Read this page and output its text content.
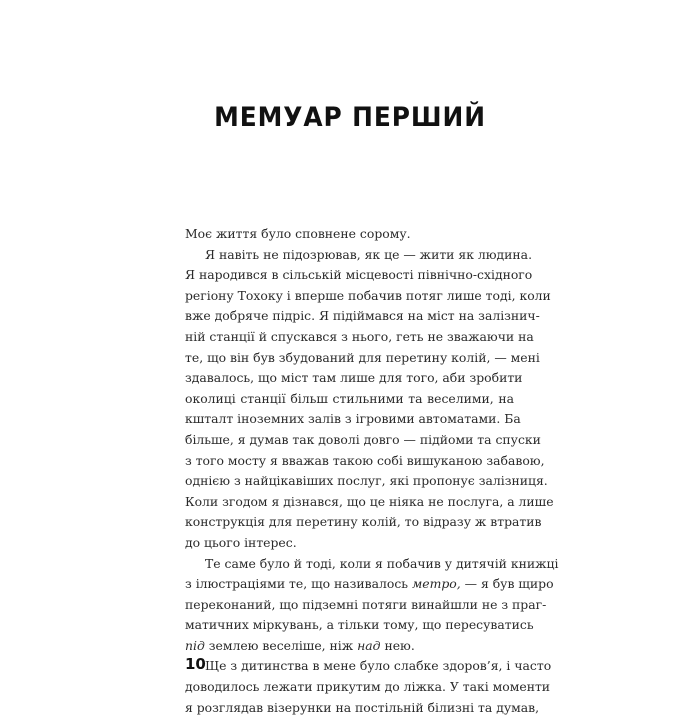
МЕМУАР ПЕРШИЙ
Моє життя було сповнене сорому.
Я навіть не підозрював, як це — жити як людина.
Я народився в сільській місцевості північно-східного
регіону Тохоку і вперше побачив потяг лише тоді, коли
вже добряче підріс. Я підіймався на міст на залізнич-
ній станції й спускався з нього, геть не зважаючи на
те, що він був збудований для перетину колій, — мені
здавалось, що міст там лише для того, аби зробити
околиці станції більш стильними та веселими, на
кшталт іноземних залів з ігровими автоматами. Ба
більше, я думав так доволі довго — підйоми та спуски
з того мосту я вважав такою собі вишуканою забавою,
однією з найцікавіших послуг, які пропонує залізниця.
Коли згодом я дізнався, що це ніяка не послуга, а лише
конструкція для перетину колій, то відразу ж втратив
до цього інтерес.
Те саме було й тоді, коли я побачив у дитячій книжці
з ілюстраціями те, що називалось метро, — я був щиро
переконаний, що підземні потяги винайшли не з праг-
матичних міркувань, а тільки тому, що пересуватись
під землею веселіше, ніж над нею.
Ще з дитинства в мене було слабке здоров’я, і часто
доводилось лежати прикутим до ліжка. У такі моменти
я розглядав візерунки на постільній білизні та думав,
10
